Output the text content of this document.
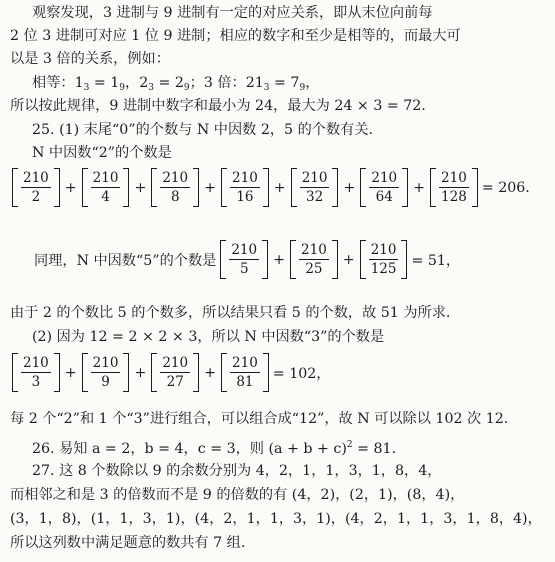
观察发现，3 进制与 9 进制有一定的对应关系，即从末位向前每
2 位 3 进制可对应 1 位 9 进制；相应的数字和至少是相等的，而最大可
以是 3 倍的关系，例如：
相等：$1_3 = 1_9$，$2_3 = 2_9$；3 倍：$21_3 = 7_9$，
所以按此规律，9 进制中数字和最小为 24，最大为 24 × 3 = 72.
25. (1) 末尾“0”的个数与 N 中因数 2，5 的个数有关.
N 中因数“2”的个数是
$\frac{210}{2} + \frac{210}{4} + \frac{210}{8} + \frac{210}{16} + \frac{210}{32} + \frac{210}{64} + \frac{210}{128} = 206$.
同理，N 中因数“5”的个数是 $\frac{210}{5} + \frac{210}{25} + \frac{210}{125} = 51$，
由于 2 的个数比 5 的个数多，所以结果只看 5 的个数，故 51 为所求.
(2) 因为 12 = 2 × 2 × 3，所以 N 中因数“3”的个数是
$\frac{210}{3} + \frac{210}{9} + \frac{210}{27} + \frac{210}{81} = 102$，
每 2 个“2”和 1 个“3”进行组合，可以组合成“12”，故 N 可以除以 102 次 12.
26. 易知 a = 2，b = 4，c = 3，则 $(a + b + c)^2 = 81$.
27. 这 8 个数除以 9 的余数分别为 4，2，1，1，3，1，8，4，
而相邻之和是 3 的倍数而不是 9 的倍数的有 (4，2)，(2，1)，(8，4)，
(3，1，8)，(1，1，3，1)，(4，2，1，1，3，1)，(4，2，1，1，3，1，8，4)，
所以这列数中满足题意的数共有 7 组.
